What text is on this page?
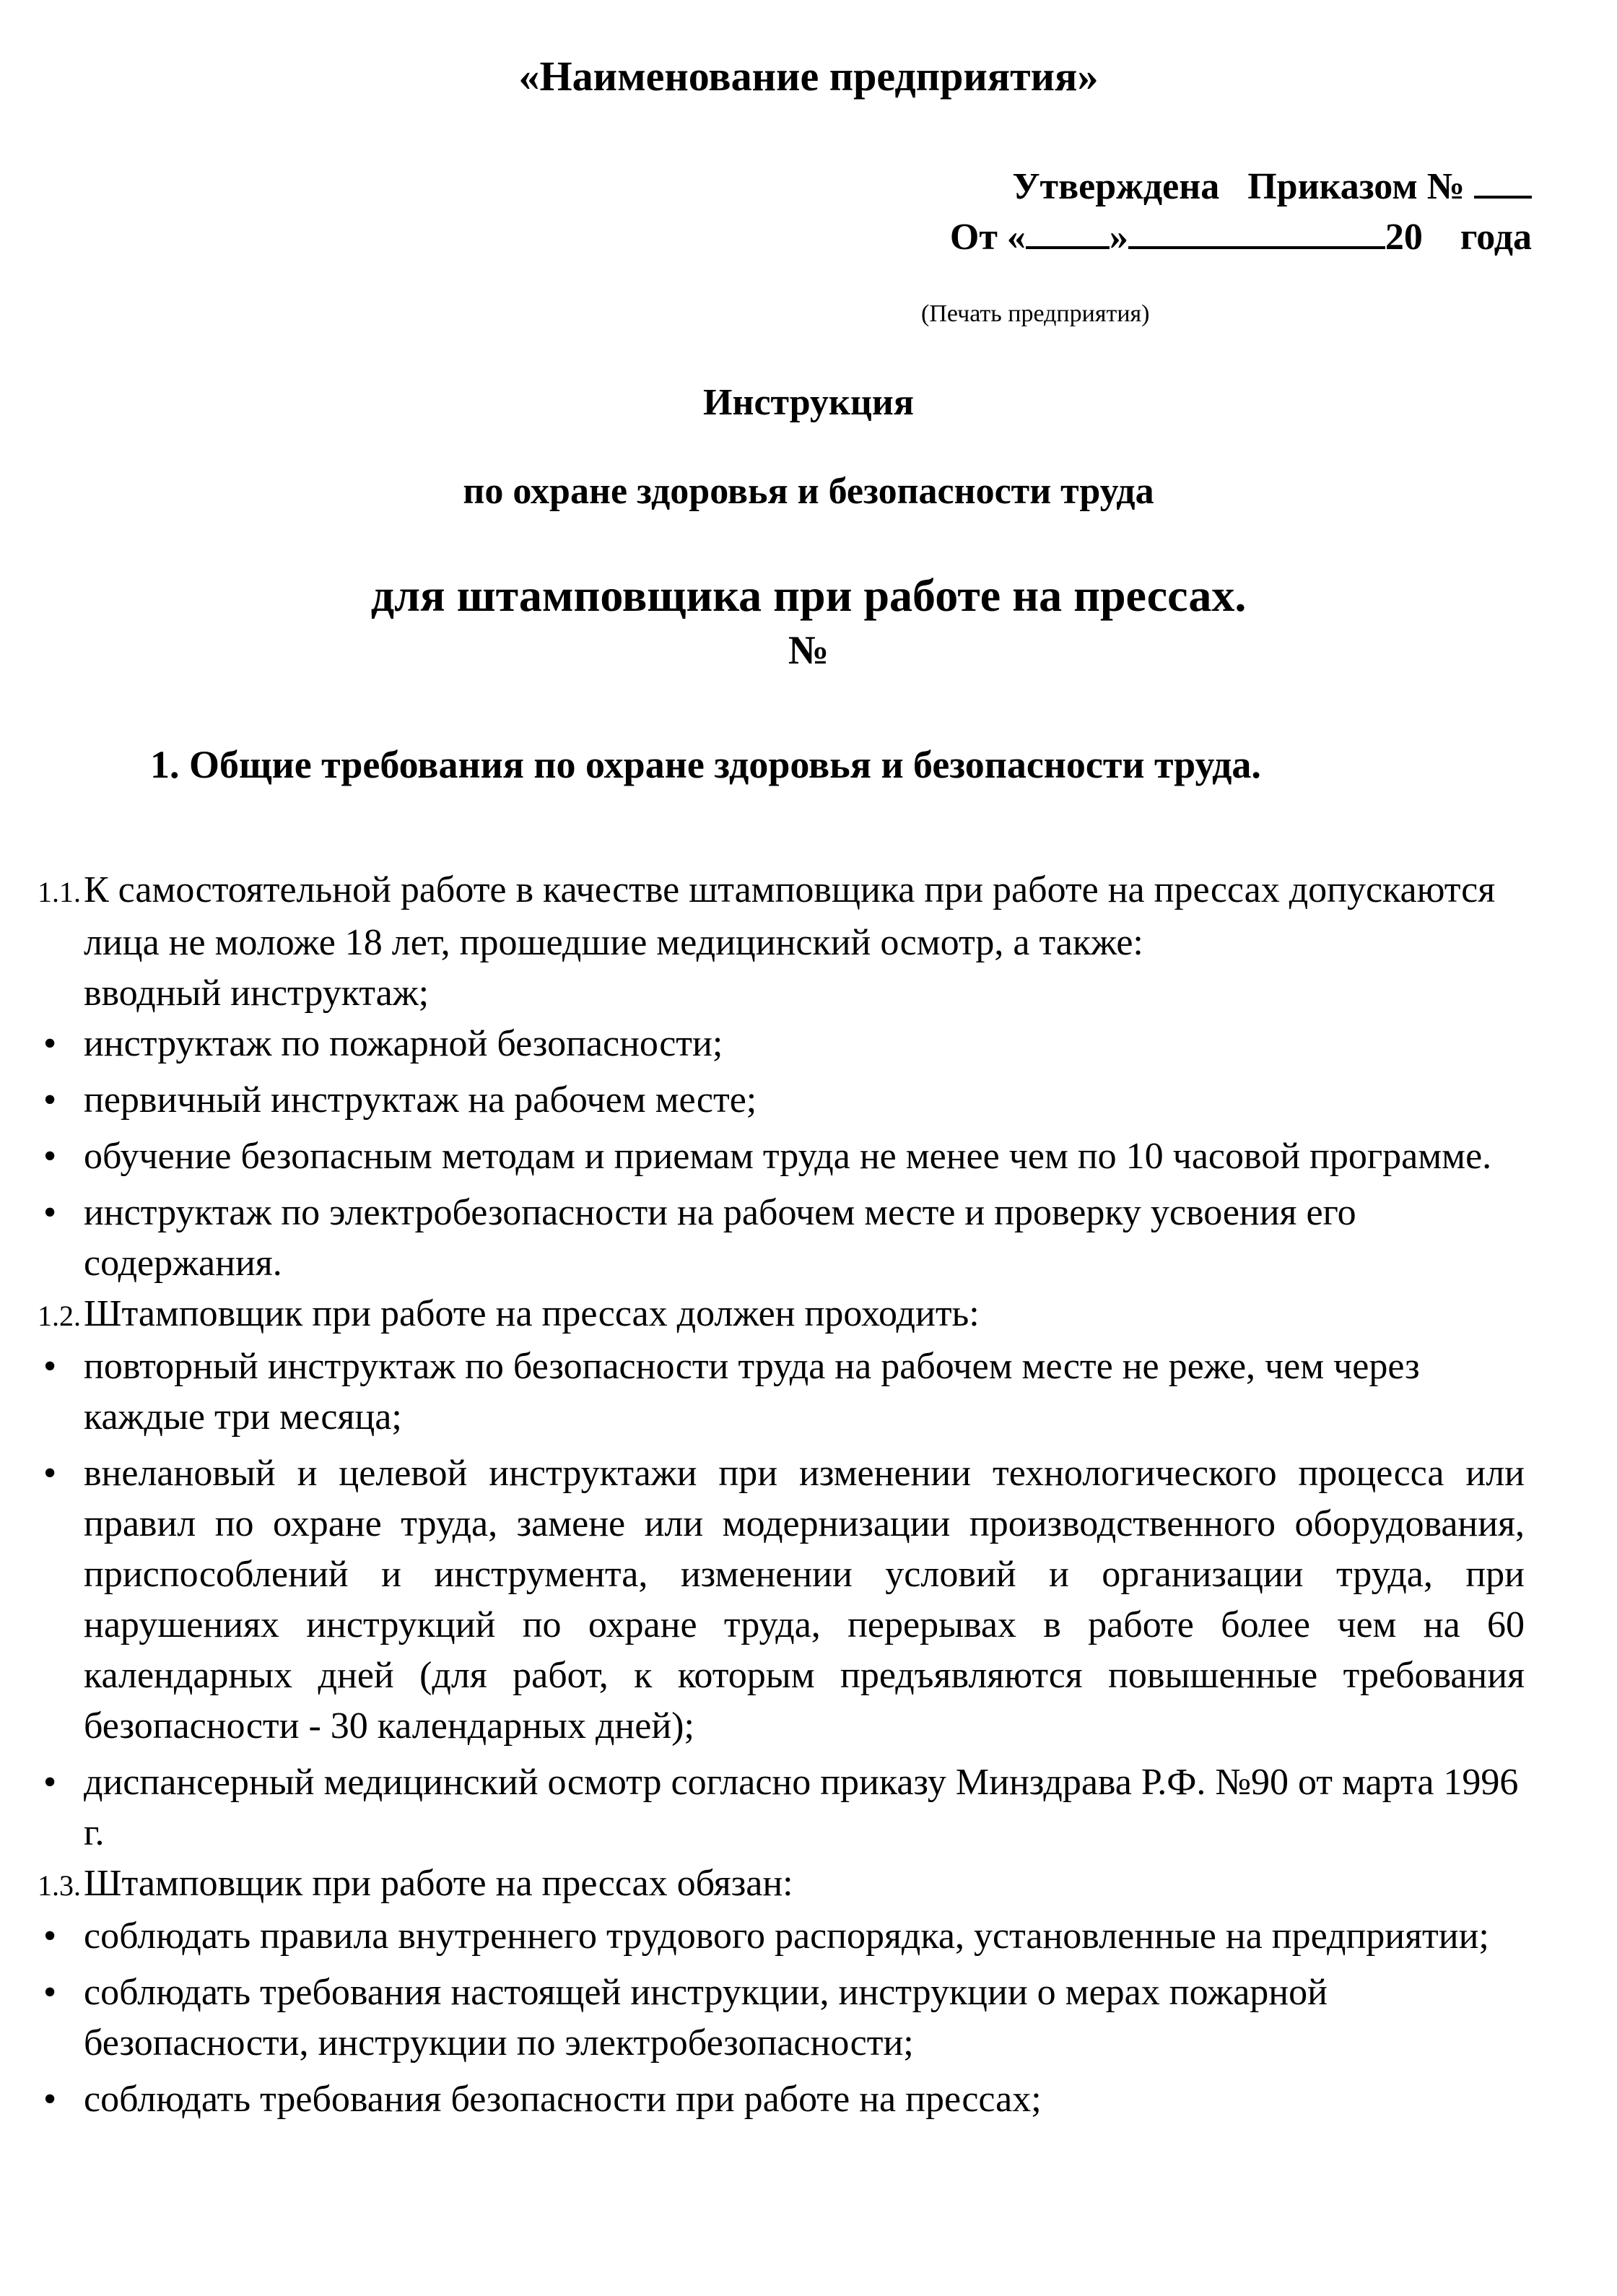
«Наименование предприятия»
Утверждена   Приказом №
От « »	20 года
(Печать предприятия)
Инструкция
по охране здоровья и безопасности труда
для штамповщика при работе на прессах.
№
1. Общие требования по охране здоровья и безопасности труда.

1.1.К самостоятельной работе в качестве штамповщика при работе на прессах допускаются лица не моложе 18 лет, прошедшие медицинский осмотр, а также:

вводный инструктаж;

• инструктаж по пожарной безопасности;
• первичный инструктаж на рабочем месте;
• обучение безопасным методам и приемам труда не менее чем по 10 часовой программе.
• инструктаж по электробезопасности на рабочем месте и проверку усвоения его содержания.

1.2.Штамповщик при работе на прессах должен проходить:

• повторный инструктаж по безопасности труда на рабочем месте не реже, чем через каждые три месяца;
• внелановый и целевой инструктажи при изменении технологического процесса или правил по охране труда, замене или модернизации производственного оборудования, приспособлений и инструмента, изменении условий и организации труда, при нарушениях инструкций по охране труда, перерывах в работе более чем на 60 календарных дней (для работ, к которым предъявляются повышенные требования безопасности - 30 календарных дней);
• диспансерный медицинский осмотр согласно приказу Минздрава Р.Ф. №90 от марта 1996 г.

1.3.Штамповщик при работе на прессах обязан:

• соблюдать правила внутреннего трудового распорядка, установленные на предприятии;
• соблюдать требования настоящей инструкции, инструкции о мерах пожарной безопасности, инструкции по электробезопасности;
• соблюдать требования безопасности при работе на прессах;
